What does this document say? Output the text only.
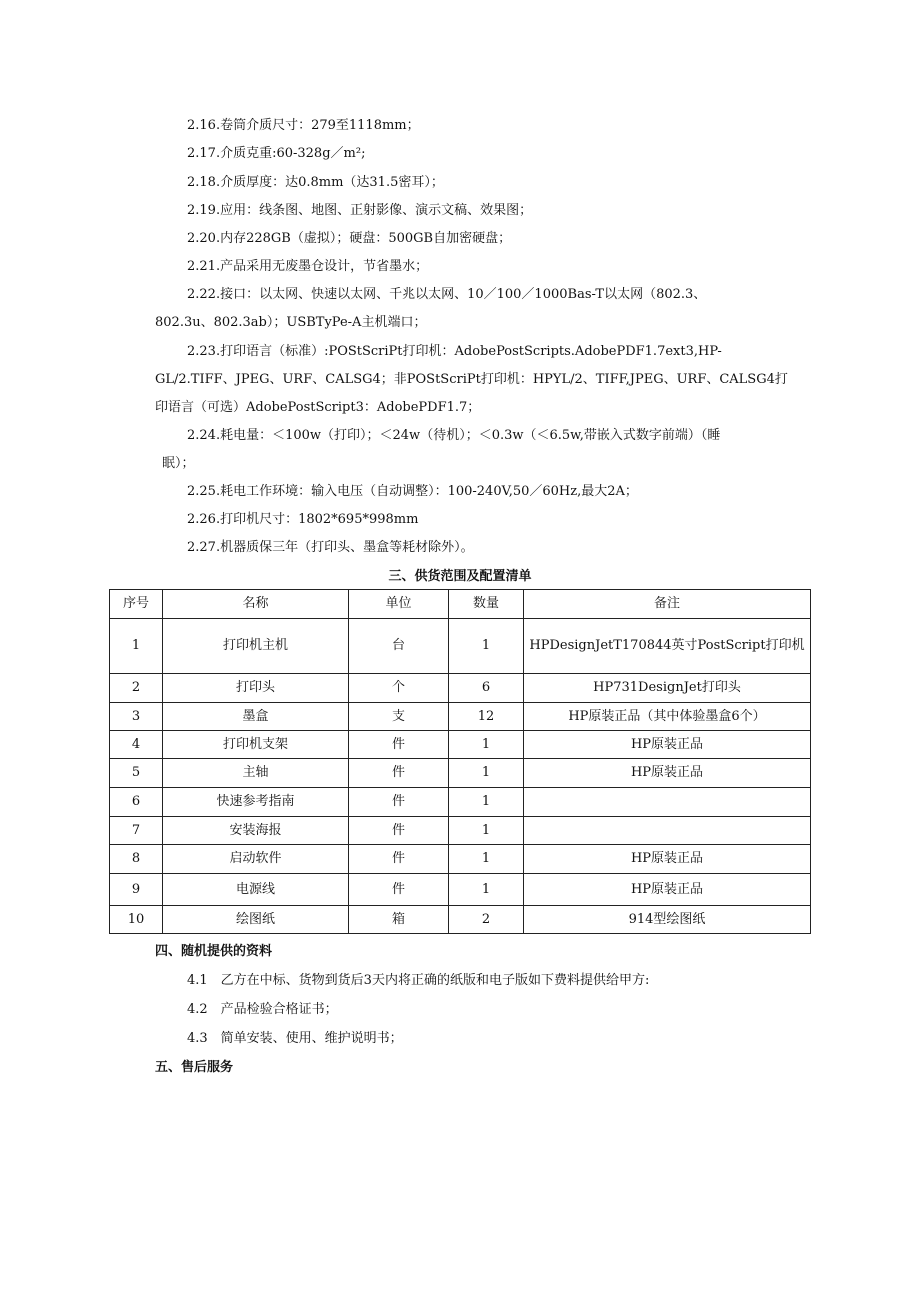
2.16.卷筒介质尺寸：279至1118mm；
2.17.介质克重:60-328g／m²;
2.18.介质厚度：达0.8mm（达31.5密耳）；
2.19.应用：线条图、地图、正射影像、演示文稿、效果图；
2.20.内存228GB（虚拟）；硬盘：500GB自加密硬盘；
2.21.产品采用无废墨仓设计，节省墨水；
2.22.接口：以太网、快速以太网、千兆以太网、10／100／1000Bas-T以太网（802.3、
802.3u、802.3ab）；USBTyPe-A主机端口；
2.23.打印语言（标准）:POStScriPt打印机：AdobePostScripts.AdobePDF1.7ext3,HP-
GL/2.TIFF、JPEG、URF、CALSG4；非POStScriPt打印机：HPYL/2、TIFF,JPEG、URF、CALSG4打
印语言（可选）AdobePostScript3：AdobePDF1.7；
2.24.耗电量：＜100w（打印）；＜24w（待机）；＜0.3w（＜6.5w,带嵌入式数字前端）（睡
眠）；
2.25.耗电工作环境：输入电压（自动调整）：100-240V,50／60Hz,最大2A；
2.26.打印机尺寸：1802*695*998mm
2.27.机器质保三年（打印头、墨盒等耗材除外）。
三、供货范围及配置清单
序号	名称	单位	数量	备注
1	打印机主机	台	1	HPDesignJetT170844英寸PostScript打印机
2	打印头	个	6	HP731DesignJet打印头
3	墨盒	支	12	HP原装正品（其中体验墨盒6个）
4	打印机支架	件	1	HP原装正品
5	主轴	件	1	HP原装正品
6	快速参考指南	件	1	
7	安装海报	件	1	
8	启动软件	件	1	HP原装正品
9	电源线	件	1	HP原装正品
10	绘图纸	箱	2	914型绘图纸
四、随机提供的资料
4.1　乙方在中标、货物到货后3天内将正确的纸版和电子版如下费料提供给甲方:
4.2　产品检验合格证书；
4.3　简单安装、使用、维护说明书；
五、售后服务
